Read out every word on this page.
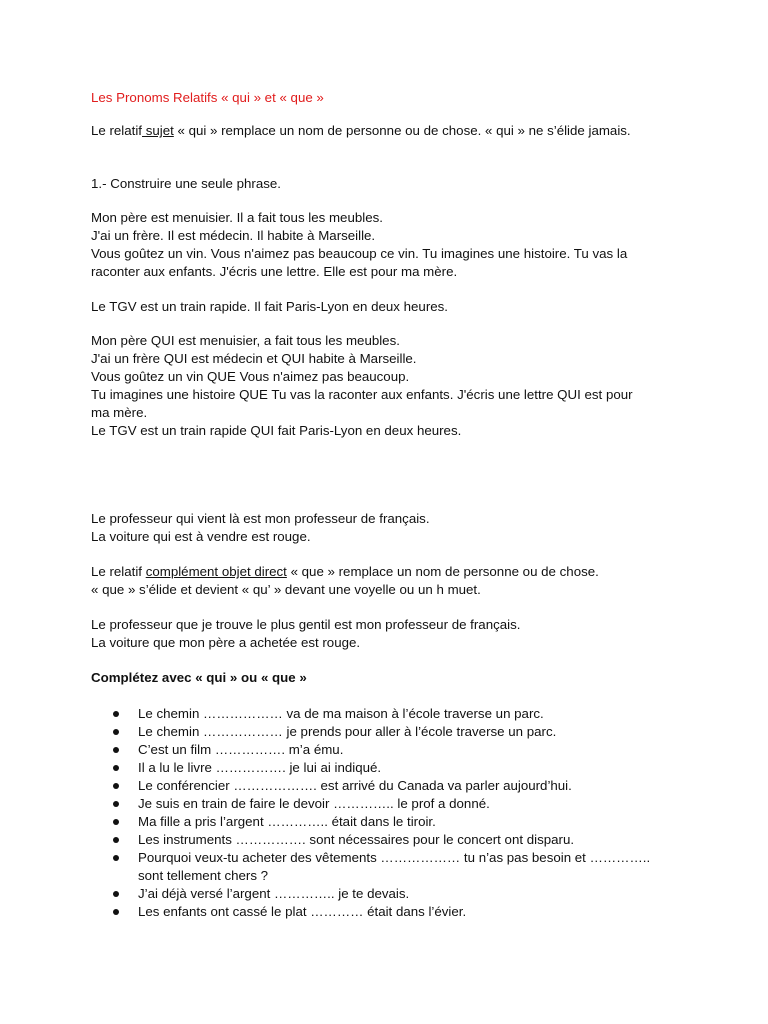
Les Pronoms Relatifs « qui » et « que »
Le relatif sujet « qui » remplace un nom de personne ou de chose. « qui » ne s’élide jamais.
1.- Construire une seule phrase.
Mon père est menuisier. Il a fait tous les meubles.
J'ai un frère. Il est médecin. Il habite à Marseille.
Vous goûtez un vin. Vous n'aimez pas beaucoup ce vin. Tu imagines une histoire. Tu vas la
raconter aux enfants. J'écris une lettre. Elle est pour ma mère.
Le TGV est un train rapide. Il fait Paris-Lyon en deux heures.
Mon père QUI est menuisier, a fait tous les meubles.
J'ai un frère QUI est médecin et QUI habite à Marseille.
Vous goûtez un vin QUE Vous n'aimez pas beaucoup.
Tu imagines une histoire QUE Tu vas la raconter aux enfants. J'écris une lettre QUI est pour
ma mère.
Le TGV est un train rapide QUI fait Paris-Lyon en deux heures.
Le professeur qui vient là est mon professeur de français.
La voiture qui est à vendre est rouge.
Le relatif complément objet direct « que » remplace un nom de personne ou de chose.
« que » s’élide et devient « qu’ » devant une voyelle ou un h muet.
Le professeur que je trouve le plus gentil est mon professeur de français.
La voiture que mon père a achetée est rouge.
Complétez avec « qui » ou « que »
Le chemin ……………… va de ma maison à l’école traverse un parc.
Le chemin ……………… je prends pour aller à l’école traverse un parc.
C’est un film ……………. m’a ému.
Il a lu le livre ……………. je lui ai indiqué.
Le conférencier ………………. est arrivé du Canada va parler aujourd’hui.
Je suis en train de faire le devoir ………….. le prof a donné.
Ma fille a pris l’argent ………….. était dans le tiroir.
Les instruments ……………. sont nécessaires pour le concert ont disparu.
Pourquoi veux-tu acheter des vêtements ……………… tu n’as pas besoin et …………..
sont tellement chers ?
J’ai déjà versé l’argent ………….. je te devais.
Les enfants ont cassé le plat ………… était dans l’évier.
